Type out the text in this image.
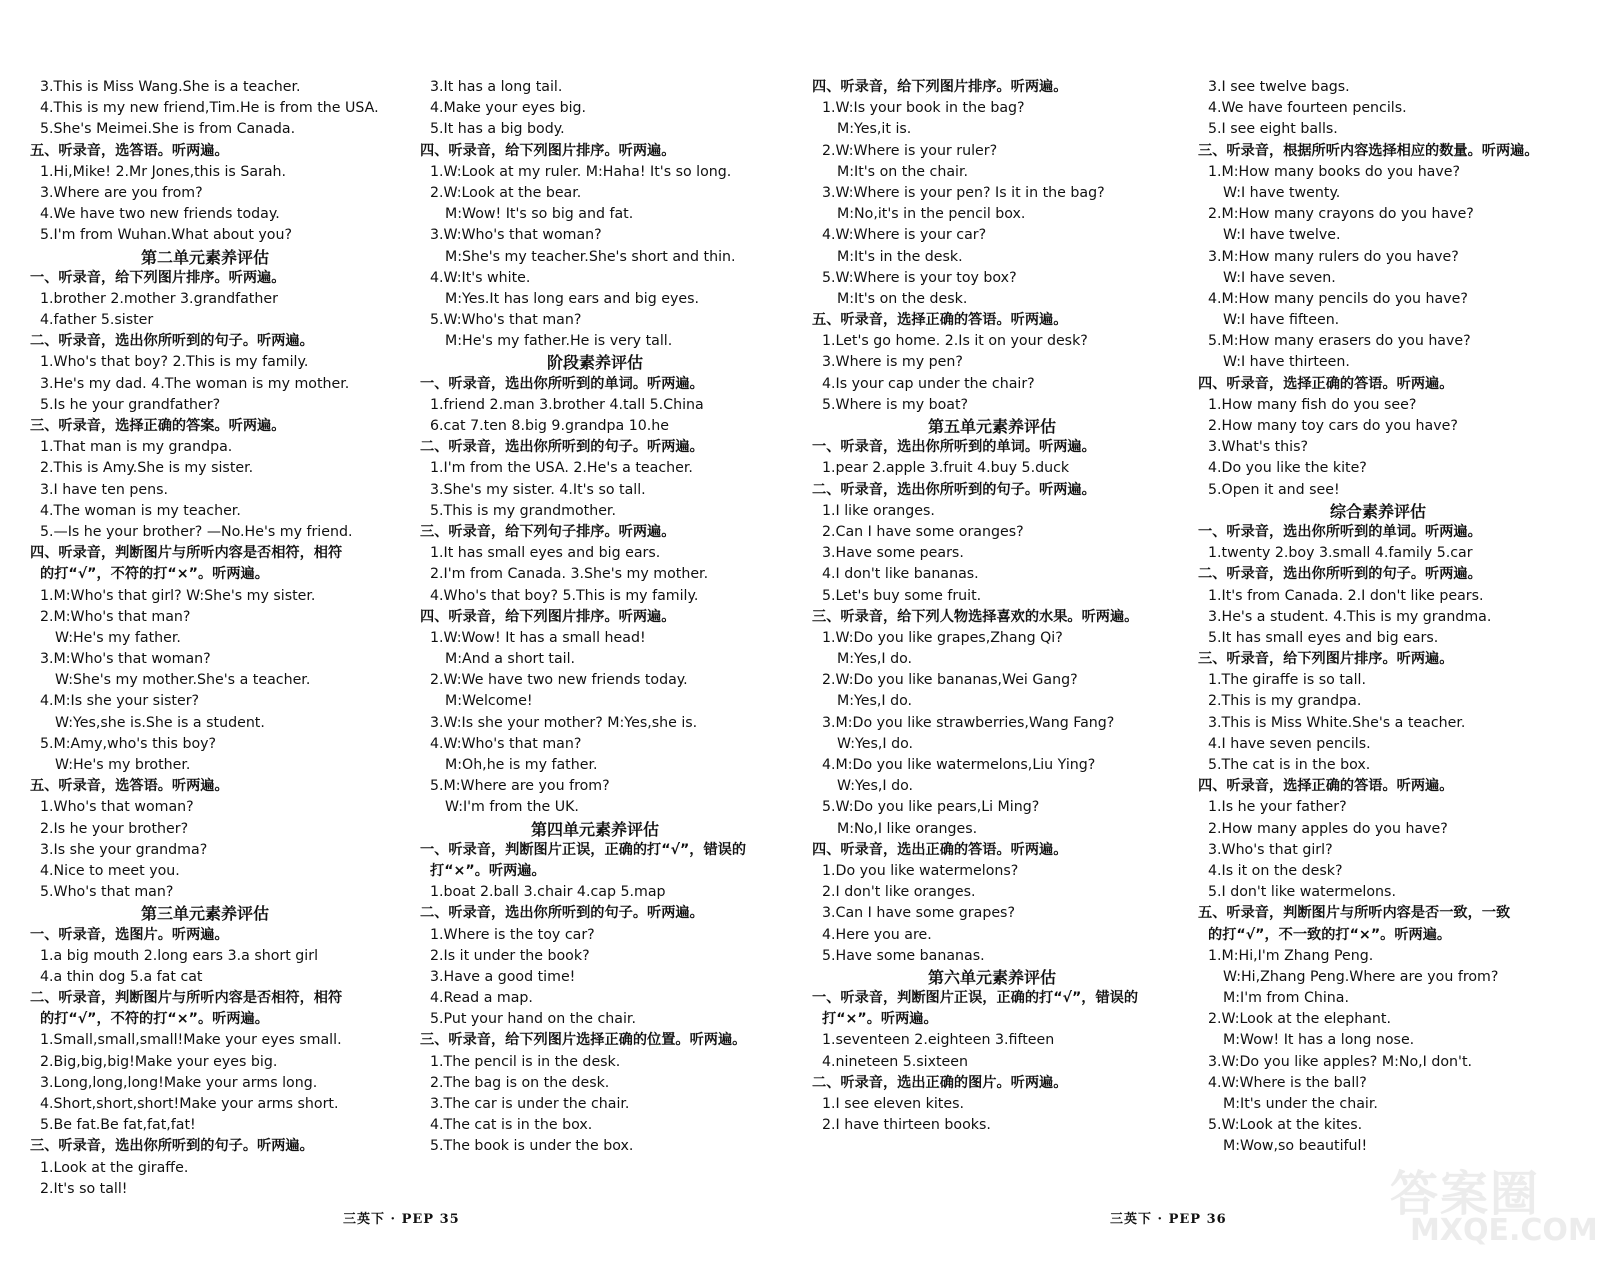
3.This is Miss Wang.She is a teacher.
4.This is my new friend,Tim.He is from the USA.
5.She's Meimei.She is from Canada.
五、听录音，选答语。听两遍。
1.Hi,Mike! 2.Mr Jones,this is Sarah.
3.Where are you from?
4.We have two new friends today.
5.I'm from Wuhan.What about you?
第二单元素养评估
一、听录音，给下列图片排序。听两遍。
1.brother 2.mother 3.grandfather
4.father 5.sister
二、听录音，选出你所听到的句子。听两遍。
1.Who's that boy? 2.This is my family.
3.He's my dad. 4.The woman is my mother.
5.Is he your grandfather?
三、听录音，选择正确的答案。听两遍。
1.That man is my grandpa.
2.This is Amy.She is my sister.
3.I have ten pens.
4.The woman is my teacher.
5.—Is he your brother? —No.He's my friend.
四、听录音，判断图片与所听内容是否相符，相符
的打“√”，不符的打“×”。听两遍。
1.M:Who's that girl? W:She's my sister.
2.M:Who's that man?
W:He's my father.
3.M:Who's that woman?
W:She's my mother.She's a teacher.
4.M:Is she your sister?
W:Yes,she is.She is a student.
5.M:Amy,who's this boy?
W:He's my brother.
五、听录音，选答语。听两遍。
1.Who's that woman?
2.Is he your brother?
3.Is she your grandma?
4.Nice to meet you.
5.Who's that man?
第三单元素养评估
一、听录音，选图片。听两遍。
1.a big mouth 2.long ears 3.a short girl
4.a thin dog 5.a fat cat
二、听录音，判断图片与所听内容是否相符，相符
的打“√”，不符的打“×”。听两遍。
1.Small,small,small!Make your eyes small.
2.Big,big,big!Make your eyes big.
3.Long,long,long!Make your arms long.
4.Short,short,short!Make your arms short.
5.Be fat.Be fat,fat,fat!
三、听录音，选出你所听到的句子。听两遍。
1.Look at the giraffe.
2.It's so tall!
3.It has a long tail.
4.Make your eyes big.
5.It has a big body.
四、听录音，给下列图片排序。听两遍。
1.W:Look at my ruler. M:Haha! It's so long.
2.W:Look at the bear.
M:Wow! It's so big and fat.
3.W:Who's that woman?
M:She's my teacher.She's short and thin.
4.W:It's white.
M:Yes.It has long ears and big eyes.
5.W:Who's that man?
M:He's my father.He is very tall.
阶段素养评估
一、听录音，选出你所听到的单词。听两遍。
1.friend 2.man 3.brother 4.tall 5.China
6.cat 7.ten 8.big 9.grandpa 10.he
二、听录音，选出你所听到的句子。听两遍。
1.I'm from the USA. 2.He's a teacher.
3.She's my sister. 4.It's so tall.
5.This is my grandmother.
三、听录音，给下列句子排序。听两遍。
1.It has small eyes and big ears.
2.I'm from Canada. 3.She's my mother.
4.Who's that boy? 5.This is my family.
四、听录音，给下列图片排序。听两遍。
1.W:Wow! It has a small head!
M:And a short tail.
2.W:We have two new friends today.
M:Welcome!
3.W:Is she your mother? M:Yes,she is.
4.W:Who's that man?
M:Oh,he is my father.
5.M:Where are you from?
W:I'm from the UK.
第四单元素养评估
一、听录音，判断图片正误，正确的打“√”，错误的
打“×”。听两遍。
1.boat 2.ball 3.chair 4.cap 5.map
二、听录音，选出你所听到的句子。听两遍。
1.Where is the toy car?
2.Is it under the book?
3.Have a good time!
4.Read a map.
5.Put your hand on the chair.
三、听录音，给下列图片选择正确的位置。听两遍。
1.The pencil is in the desk.
2.The bag is on the desk.
3.The car is under the chair.
4.The cat is in the box.
5.The book is under the box.
四、听录音，给下列图片排序。听两遍。
1.W:Is your book in the bag?
M:Yes,it is.
2.W:Where is your ruler?
M:It's on the chair.
3.W:Where is your pen? Is it in the bag?
M:No,it's in the pencil box.
4.W:Where is your car?
M:It's in the desk.
5.W:Where is your toy box?
M:It's on the desk.
五、听录音，选择正确的答语。听两遍。
1.Let's go home. 2.Is it on your desk?
3.Where is my pen?
4.Is your cap under the chair?
5.Where is my boat?
第五单元素养评估
一、听录音，选出你所听到的单词。听两遍。
1.pear 2.apple 3.fruit 4.buy 5.duck
二、听录音，选出你所听到的句子。听两遍。
1.I like oranges.
2.Can I have some oranges?
3.Have some pears.
4.I don't like bananas.
5.Let's buy some fruit.
三、听录音，给下列人物选择喜欢的水果。听两遍。
1.W:Do you like grapes,Zhang Qi?
M:Yes,I do.
2.W:Do you like bananas,Wei Gang?
M:Yes,I do.
3.M:Do you like strawberries,Wang Fang?
W:Yes,I do.
4.M:Do you like watermelons,Liu Ying?
W:Yes,I do.
5.W:Do you like pears,Li Ming?
M:No,I like oranges.
四、听录音，选出正确的答语。听两遍。
1.Do you like watermelons?
2.I don't like oranges.
3.Can I have some grapes?
4.Here you are.
5.Have some bananas.
第六单元素养评估
一、听录音，判断图片正误，正确的打“√”，错误的
打“×”。听两遍。
1.seventeen 2.eighteen 3.fifteen
4.nineteen 5.sixteen
二、听录音，选出正确的图片。听两遍。
1.I see eleven kites.
2.I have thirteen books.
3.I see twelve bags.
4.We have fourteen pencils.
5.I see eight balls.
三、听录音，根据所听内容选择相应的数量。听两遍。
1.M:How many books do you have?
W:I have twenty.
2.M:How many crayons do you have?
W:I have twelve.
3.M:How many rulers do you have?
W:I have seven.
4.M:How many pencils do you have?
W:I have fifteen.
5.M:How many erasers do you have?
W:I have thirteen.
四、听录音，选择正确的答语。听两遍。
1.How many fish do you see?
2.How many toy cars do you have?
3.What's this?
4.Do you like the kite?
5.Open it and see!
综合素养评估
一、听录音，选出你所听到的单词。听两遍。
1.twenty 2.boy 3.small 4.family 5.car
二、听录音，选出你所听到的句子。听两遍。
1.It's from Canada. 2.I don't like pears.
3.He's a student. 4.This is my grandma.
5.It has small eyes and big ears.
三、听录音，给下列图片排序。听两遍。
1.The giraffe is so tall.
2.This is my grandpa.
3.This is Miss White.She's a teacher.
4.I have seven pencils.
5.The cat is in the box.
四、听录音，选择正确的答语。听两遍。
1.Is he your father?
2.How many apples do you have?
3.Who's that girl?
4.Is it on the desk?
5.I don't like watermelons.
五、听录音，判断图片与所听内容是否一致，一致
的打“√”，不一致的打“×”。听两遍。
1.M:Hi,I'm Zhang Peng.
W:Hi,Zhang Peng.Where are you from?
M:I'm from China.
2.W:Look at the elephant.
M:Wow! It has a long nose.
3.W:Do you like apples? M:No,I don't.
4.W:Where is the ball?
M:It's under the chair.
5.W:Look at the kites.
M:Wow,so beautiful!
三英下 · PEP 35	三英下 · PEP 36	答案圈
MXQE.COM
